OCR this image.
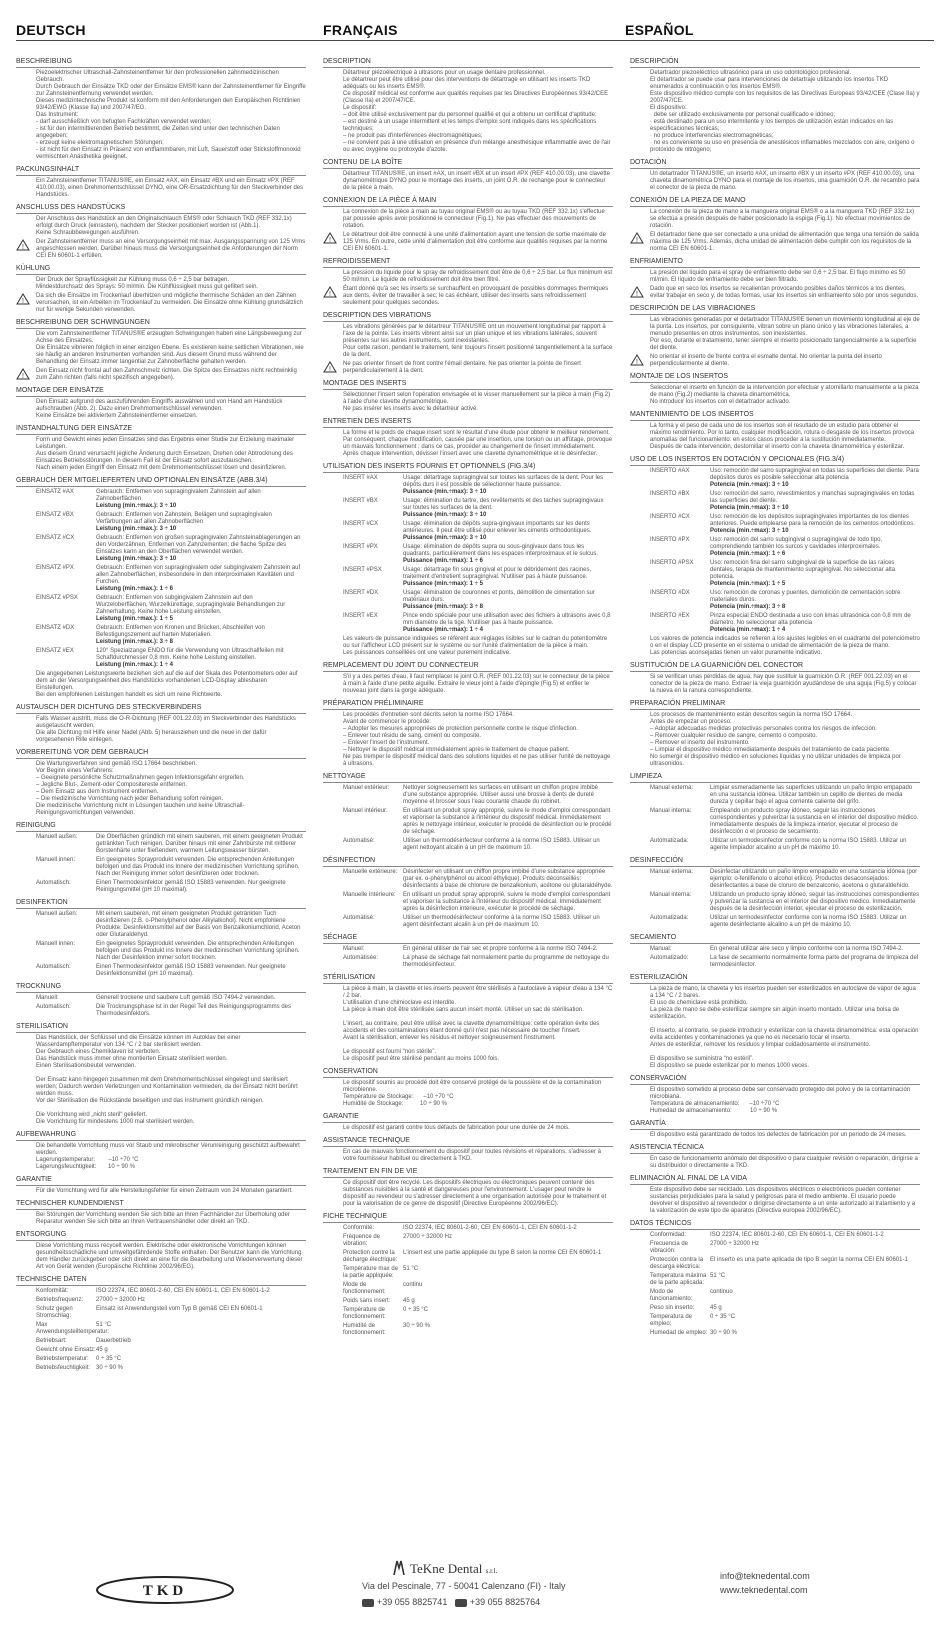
DEUTSCH	FRANÇAIS	ESPAÑOL
BESCHREIBUNG
Piezoelektrischer Ultraschall-Zahnsteinentferner für den professionellen zahnmedizinischen Gebrauch.
Durch Gebrauch der Einsätze TKD oder der Einsätze EMS® kann der Zahnsteinentferner für Eingriffe zur Zahnsteinentfernung verwendet werden.
Dieses medizintechnische Produkt ist konform mit den Anforderungen den Europäischen Richtlinien 93/42/EWG (Klasse IIa) und 2007/47/EG.
Das Instrument:
- darf ausschließlich von befugten Fachkräften verwendet werden;
- ist für den intermittierenden Betrieb bestimmt, die Zeiten sind unter den technischen Daten angegeben;
- erzeugt keine elektromagnetischen Störungen;
- ist nicht für den Einsatz in Präsenz von entflammbaren, mit Luft, Sauerstoff oder Stickstoffmonoxid vermischten Anästhetika geeignet.
PACKUNGSINHALT
Ein Zahnsteinentferner TITANUS®E, ein Einsatz #AX, ein Einsatz #BX und ein Einsatz #PX (REF 410.00.03), einen Drehmomentschlüssel DYNO, eine OR-Ersatzdichtung für den Steckverbinder des Handstücks.
ANSCHLUSS DES HANDSTÜCKS
Der Anschluss des Handstück an den Originalschlauch EMS® oder Schlauch TKD (REF 332.1x) erfolgt durch Druck (einrasten), nachdem der Stecker positioniert worden ist (Abb.1).
Keine Schraubbewegungen ausführen.
!
Der Zahnsteinentferner muss an eine Versorgungseinheit mit max. Ausgangsspannung von 125 Vrms angeschlossen werden. Darüber hinaus muss die Versorgungseinheit die Anforderungen der Norm CEI EN 60601-1 erfüllen.
KÜHLUNG
Der Druck der Sprayflüssigkeit zur Kühlung muss 0,6 ÷ 2,5 bar betragen.
Mindestdurchsatz des Sprays: 50 ml/min. Die Kühlflüssigkeit muss gut gefiltert sein.
!
Da sich die Einsätze im Trockenlauf überhitzen und mögliche thermische Schäden an den Zähnen verursachen, ist ein Arbeiten im Trockenlauf zu vermeiden. Die Einsätze ohne Kühlung grundsätzlich nur für wenige Sekunden verwenden.
BESCHREIBUNG DER SCHWINGUNGEN
Die vom Zahnsteinentferner TITANUS®E erzeugten Schwingungen haben eine Längsbewegung zur Achse des Einsatzes.
Die Einsätze vibrieren folglich in einer einzigen Ebene. Es existieren keine seitlichen Vibrationen, wie sie häufig an anderen Instrumenten vorhanden sind. Aus diesem Grund muss während der Behandlung der Einsatz immer tangential zur Zahnoberfläche gehalten werden.
!
Den Einsatz nicht frontal auf den Zahnschmelz richten. Die Spitze des Einsatzes nicht rechtwinklig zum Zahn richten (falls nicht spezifisch angegeben).
MONTAGE DER EINSÄTZE
Den Einsatz aufgrund des auszuführenden Eingriffs auswählen und von Hand am Handstück aufschrauben (Abb. 2). Dazu einen Drehmomentschlüssel verwenden.
Keine Einsätze bei aktiviertem Zahnsteinentferner einsetzen.
INSTANDHALTUNG DER EINSÄTZE
Form und Gewicht eines jeden Einsatzes sind das Ergebnis einer Studie zur Erzielung maximaler Leistungen.
Aus diesem Grund verursacht jegliche Änderung durch Einsetzen, Drehen oder Abtrocknung des Einsatzes Betriebsstörungen. In diesem Fall ist der Einsatz sofort auszutauschen.
Nach einem jeden Eingriff den Einsatz mit dem Drehmomentschlüssel lösen und desinfizieren.
GEBRAUCH DER MITGELIEFERTEN UND OPTIONALEN EINSÄTZE (ABB.3/4)
EINSATZ #AX	Gebrauch: Entfernen von supragingivalem Zahnstein auf allen Zahnoberflächen
Leistung (min.÷max.): 3 ÷ 10
EINSATZ #BX	Gebrauch: Entfernen von Zahnstein, Belägen und supragingivalen Verfärbungen auf allen Zahnoberflächen
Leistung (min.÷max.): 3 ÷ 10
EINSATZ #CX	Gebrauch: Entfernen von großen supragingivalen Zahnsteinablagerungen an den Vorderzähnen, Entfernen von Zahnzementen; die flache Spitze des Einsatzes kann an den Oberflächen verwendet werden.
Leistung (min.÷max.): 3 ÷ 10
EINSATZ #PX	Gebrauch: Entfernen von supragingivalem oder subgingivalem Zahnstein auf allen Zahnoberflächen, insbesondere in den interproximalen Kavitäten und Furchen.
Leistung (min.÷max.): 1 ÷ 6
EINSATZ #PSX	Gebrauch: Entfernen von subgingivalem Zahnstein auf den Wurzeloberflächen, Wurzelkürettage, supragingivale Behandlungen zur Zahnerhaltung. Keine hohe Leistung einstellen.
Leistung (min.÷max.): 1 ÷ 5
EINSATZ #DX	Gebrauch: Entfernen von Kronen und Brücken, Abschleifen von Befestigungszement auf harten Materialien.
Leistung (min.÷max.): 3 ÷ 8
EINSATZ #EX	120° Spezialzange ENDO für die Verwendung von Ultraschallfeilen mit Schaftdurchmesser 0,8 mm. Keine hohe Leistung einstellen.
Leistung (min.÷max.): 1 ÷ 4
Die angegebenen Leistungswerte beziehen sich auf die auf der Skala des Potentiometers oder auf dem an der Versorgungseinheit des Handstücks vorhandenen LCD-Display ablesbaren Einstellungen.
Bei den empfohlenen Leistungen handelt es sich um reine Richtwerte.
AUSTAUSCH DER DICHTUNG DES STECKVERBINDERS
Falls Wasser austritt, muss die O-R-Dichtung (REF 001.22.03) im Steckverbinder des Handstücks ausgetauscht werden.
Die alte Dichtung mit Hilfe einer Nadel (Abb. 5) herausziehen und die neue in der dafür vorgesehenen Rille einlegen.
VORBEREITUNG VOR DEM GEBRAUCH
Die Wartungsverfahren sind gemäß ISO 17664 beschrieben.
Vor Beginn eines Verfahrens:
– Geeignete persönliche Schutzmaßnahmen gegen Infektionsgefahr ergreifen.
– Jegliche Blut-, Zement-oder Compositereste entfernen.
– Dem Einsatz aus dem Instrument entfernen.
– Die medizinische Vorrichtung nach jeder Behandlung sofort reinigen.
Die medizinische Vorrichtung nicht in Lösungen tauchen und keine Ultraschall-Reinigungsvorrichtungen verwenden.
REINIGUNG
Manuell außen:	Die Oberflächen gründlich mit einem sauberen, mit einem geeigneten Produkt getränkten Tuch reinigen. Darüber hinaus mit einer Zahnbürste mit mittlerer Borstenhärte unter fließendem, warmem Leitungswasser bürsten.
Manuell innen:	Ein geeignetes Sprayprodukt verwenden. Die entsprechenden Anleitungen befolgen und das Produkt ins Innere der medizinischen Vorrichtung sprühen. Nach der Reinigung immer sofort desinfizieren oder trocknen.
Automatisch:	Einen Thermodesinfektor gemäß ISO 15883 verwenden. Nur geeignete Reinigungsmittel (pH 10 maximal).
DESINFEKTION
Manuell außen:	Mit einem sauberen, mit einem geeigneten Produkt getränkten Tuch desinfizieren (z.B. o-Phenylphenol oder Alkylalkohol). Nicht empfohlene Produkte: Desinfektionsmittel auf der Basis von Benzalkoniumchlorid, Aceton oder Glutaraldehyd.
Manuell innen:	Ein geeignetes Sprayprodukt verwenden. Die entsprechenden Anleitungen befolgen und das Produkt ins Innere der medizinischen Vorrichtung sprühen. Nach der Desinfektion immer sofort trocknen.
Automatisch:	Einen Thermodesinfektor gemäß ISO 15883 verwenden. Nur geeignete Desinfektionsmittel (pH 10 maximal).
TROCKNUNG
Manuell:	Generell trockene und saubere Luft gemäß ISO 7494-2 verwenden.
Automatisch:	Die Trocknungsphase ist in der Regel Teil des Reinigungsprogramms des Thermodesinfektors.
STERILISATION
Das Handstück, der Schlüssel und die Einsätze können im Autoklav bei einer Wasserdampftemperatur von 134 °C / 2 bar sterilisiert werden.
Der Gebrauch eines Chemiklaven ist verboten.
Das Handstück muss immer ohne montierten Einsatz sterilisiert werden.
Einen Sterilisationsbeutel verwenden.

Der Einsatz kann hingegen zusammen mit dem Drehmomentschlüssel eingelegt und sterilisiert werden; Dadurch werden Verletzungen und Kontamination vermieden, da der Einsatz nicht berührt werden muss.
Vor der Sterilisation die Rückstände beseitigen und das Instrument gründlich reinigen.

Die Vorrichtung wird „nicht steril“ geliefert.
Die Vorrichtung für mindestens 1000 mal sterilisiert werden.
AUFBEWAHRUNG
Die behandelte Vorrichtung muss vor Staub und mikrobischer Verunreinigung geschützt aufbewahrt werden.
Lagerungstemperatur:        –10 ÷70 °C
Lagerungsfeuchtigkeit:       10 ÷ 90 %
GARANTIE
Für die Vorrichtung wird für alle Herstellungsfehler für einen Zeitraum von 24 Monaten garantiert.
TECHNISCHER KUNDENDIENST
Bei Störungen der Vorrichtung wenden Sie sich bitte an Ihren Fachhändler zur Überholung oder Reparatur wenden Sie sich bitte an Ihren Vertrauenshändler oder direkt an TKD.
ENTSORGUNG
Diese Vorrichtung muss recycelt werden. Elektrische oder elektronische Vorrichtungen können gesundheitsschädliche und umweltgefährdende Stoffe enthalten. Der Benutzer kann die Vorrichtung dem Händler zurückgeben oder sich direkt an eine für die Bearbeitung und Wiederverwertung dieser Art von Gerät wenden (Europäische Richtlinie 2002/96/EG).
TECHNISCHE DATEN
Konformität:	ISO 22374, IEC 80601-2-60, CEI EN 60601-1, CEI EN 60601-1-2
Betriebsfrequenz:	27000 ÷ 32000 Hz
Schutz gegen Stromschlag:
Einsatz ist Anwendungsteil vom Typ B gemäß CEI EN 60601-1
Max Anwendungsteiltemperatur:
51 °C
Betriebsart:	Dauerbetrieb
Gewicht ohne Einsatz: 45 g
Betriebstemperatur:	0 ÷ 35 °C
Betriebsfeuchtigkeit: 30 ÷ 90 %
DESCRIPTION
Détartreur piézoélectrique à ultrasons pour un usage dentaire professionnel.
Le détartreur peut être utilisé pour des interventions de détartrage en utilisant les inserts TKD adéquats ou les inserts EMS®.
Ce dispositif médical est conforme aux qualités requises par les Directives Européennes 93/42/CEE (Classe IIa) et 2007/47/CE.
Le dispositif:
– doit être utilisé exclusivement par du personnel qualifié et qui a obtenu un certificat d'aptitude;
– est destiné à un usage intermittent et les temps d'emploi sont indiqués dans les spécifications techniques;
– ne produit pas d'interférences électromagnétiques;
– ne convient pas à une utilisation en présence d'un mélange anesthésique inflammable avec de l'air ou avec oxygène ou protoxyde d'azote.
CONTENU DE LA BOÎTE
Détartreur TITANUS®E, un insert #AX, un insert #BX et un insert #PX (REF 410.00.03), une clavette dynamométrique DYNO pour le montage des inserts, un joint O.R. de rechange pour le connecteur de la pièce à main.
CONNEXION DE LA PIÈCE À MAIN
La connexion de la pièce à main au tuyau original EMS® ou au tuyau TKD (REF 332.1x) s'effectue par poussée après avoir positionné le connecteur (Fig.1). Ne pas effectuer des mouvements de rotation.
!
Le détartreur doit être connecté à une unité d'alimentation ayant une tension de sortie maximale de 125 Vrms. En outre, cette unité d'alimentation doit être conforme aux qualités requises par la norme CEI EN 60601-1.
REFROIDISSEMENT
La pression du liquide pour le spray de refroidissement doit être de 0,6 ÷ 2,5 bar. Le flux minimum est 50 ml/min. Le liquide de refroidissement doit être bien filtré.
!
Étant donné qu'à sec les inserts se surchauffent en provoquant de possibles dommages thermiques aux dents, éviter de travailler à sec; le cas échéant, utiliser des inserts sans refroidissement seulement pour quelques secondes.
DESCRIPTION DES VIBRATIONS
Les vibrations générées par le détartreur TITANUS®E ont un mouvement longitudinal par rapport à l'axe de la pointe. Les inserts vibrent ainsi sur un plan unique et les vibrations latérales, souvent présentes sur les autres instruments, sont inexistantes.
Pour cette raison, pendant le traitement, tenir toujours l'insert positionné tangentiellement à la surface de la dent.
!
Ne pas orienter l'insert de front contre l'émail dentaire. Ne pas orienter la pointe de l'insert perpendiculairement à la dent.
MONTAGE DES INSERTS
Sélectionner l'insert selon l'opération envisagée et le visser manuellement sur la pièce à main (Fig.2) à l'aide d'une clavette dynamométrique.
Ne pas insérer les inserts avec le détartreur activé.
ENTRETIEN DES INSERTS
La forme et le poids de chaque insert sont le résultat d'une étude pour obtenir le meilleur rendement. Par conséquent, chaque modification, causée par une insertion, une torsion ou un affûtage, provoque un mauvais fonctionnement ; dans ce cas, procéder au changement de l'insert immédiatement.
Après chaque intervention, dévisser l'insert avec une clavette dynamométrique et le désinfecter.
UTILISATION DES INSERTS FOURNIS ET OPTIONNELS (FIG.3/4)
INSERT #AX	Usage: détartrage supragingival sur toutes les surfaces de la dent. Pour les dépôts durs il est possible de sélectionner haute puissance.
Puissance (min.÷max): 3 ÷ 10
INSERT #BX	Usage: élimination du tartre, des revêtements et des taches supragingivaux sur toutes les surfaces de la dent.
Puissance (min.÷max): 3 ÷ 10
INSERT #CX	Usage: élimination de dépôts supra-gingivaux importants sur les dents antérieures. Il peut être utilisé pour enlever les ciments orthodontiques.
Puissance (min.÷max): 3 ÷ 10
INSERT #PX	Usage: élimination de dépôts supra ou sous-gingivaux dans tous les quadrants, particulièrement dans les espaces interproximaux et le sulcus.
Puissance (min.÷max): 1 ÷ 6
INSERT #PSX	Usage: détartrage fin sous gingival et pour le débridement des racines, traitement d'entretient supragingival. N'utiliser pas à haute puissance.
Puissance (min.÷max): 1 ÷ 5
INSERT #DX	Usage: élimination de couronnes et ponts, démolition de cimentation sur matériaux durs.
Puissance (min.÷max): 3 ÷ 8
INSERT #EX	Pince endo spéciale pour une utilisation avec des fichiers à ultrasons avec 0,8 mm diamètre de la tige. N'utiliser pas à haute puissance.
Puissance (min.÷max): 1 ÷ 4
Les valeurs de puissance indiquées se réfèrent aux réglages lisibles sur le cadran du potentiomètre ou sur l'afficheur LCD présent sur le système ou sur l'unité d'alimentation de la pièce à main.
Les puissances conseillées ont une valeur purement indicative.
REMPLACEMENT DU JOINT DU CONNECTEUR
S'il y a des pertes d'eau, il faut remplacer le joint O.R. (REF 001.22.03) sur le connecteur de la pièce à main à l'aide d'une petite aiguille. Extraire le vieux joint à l'aide d'épingle (Fig.5) et enfiler le nouveau joint dans la gorge adéquate.
PRÉPARATION PRÉLIMINAIRE
Les procédés d'entretien sont décrits selon la norme ISO 17664.
Avant de commencer le procédé:
– Adopter les mesures appropriées de protection personnelle contre le risque d'infection.
– Enlever tout résidu de sang, ciment ou composite.
– Enlever l'insert de l'instrument.
– Nettoyer le dispositif médical immédiatement après le traitement de chaque patient.
Ne pas tremper le dispositif médical dans des solutions liquides et ne pas utiliser l'unité de nettoyage à ultrasons.
NETTOYAGE
Manuel extérieur:	Nettoyer soigneusement les surfaces en utilisant un chiffon propre imbibé d'une substance appropriée. Utiliser aussi une brosse à dents de dureté moyenne et brosser sous l'eau courante chaude du robinet.
Manuel intérieur:	En utilisant un produit spray approprié, suivre le mode d'emploi correspondant et vaporiser la substance à l'intérieur du dispositif médical. Immédiatement après le nettoyage intérieur, exécuter le procédé de désinfection ou le procédé de séchage.
Automatisé:	Utiliser un thermodésinfecteur conforme à la norme ISO 15883. Utiliser un agent nettoyant alcalin à un pH de maximum 10.
DÉSINFECTION
Manuelle extérieure: Désinfecter en utilisant un chiffon propre imbibé d'une substance appropriée (par ex. o-phénylphénol ou alcool éthylique). Produits déconseillés: désinfectants à base de chlorure de benzalkonium, acétone ou glutaraldéhyde.
Manuelle intérieure:	En utilisant un produit spray approprié, suivre le mode d'emploi correspondant et vaporiser la substance à l'intérieur du dispositif médical. Immédiatement après la désinfection intérieure, exécuter le procédé de séchage.
Automatisé:	Utiliser un thermodésinfecteur conforme à la norme ISO 15883. Utiliser un agent désinfectant alcalin à un pH de maximum 10.
SÉCHAGE
Manuel:	En général utiliser de l'air sec et propre conforme à la norme ISO 7494-2.
Automatisée:	La phase de séchage fait normalement partie du programme de nettoyage du thermodésinfecteur.
STÉRILISATION
La pièce à main, la clavette et les inserts peuvent être stérilisés à l'autoclave à vapeur d'eau à 134 °C / 2 bar.
L'utilisation d'une chimioclave est interdite.
La pièce à main doit être stérilisée sans aucun insert monté. Utiliser un sac de stérilisation.

L'insert, au contraire, peut être utilisé avec la clavette dynamométrique: cette opération évite des accidents et des contaminations étant donné qu'il n'est pas nécessaire de toucher l'insert.
Avant la stérilisation, enlever les résidus et nettoyer soigneusement l'instrument.

Le dispositif est fourni “non stérile”.
Le dispositif peut être stérilisé pendant au moins 1000 fois.
CONSERVATION
Le dispositif soumis au procédé doit être conservé protégé de la poussière et de la contamination microbienne.
Température de Stockage:      –10 ÷70 °C
Humidité de Stockage:          10 ÷ 90 %
GARANTIE
Le dispositif est garanti contre tous défauts de fabrication pour une durée de 24 mois.
ASSISTANCE TECHNIQUE
En cas de mauvais fonctionnement du dispositif pour toutes révisions et réparations, s'adresser à votre fournisseur habituel ou directement à TKD.
TRAITEMENT EN FIN DE VIE
Ce dispositif doit être recyclé. Les dispositifs électriques ou électroniques peuvent contenir des substances nuisibles à la santé et dangereuses pour l'environnement. L'usager peut rendre le dispositif au revendeur ou s'adresser directement à une organisation autorisée pour le traitement et pour la valorisation de ce genre de dispositif (Directive Européenne 2002/96/EC).
FICHE TECHNIQUE
Conformité:	ISO 22374, IEC 80601-2-60, CEI EN 60601-1, CEI EN 60601-1-2
Fréquence de vibration:
27000 ÷ 32000 Hz
Protection contre la décharge électrique:
L'insert est une partie appliquée du type B selon la norme CEI EN 60601-1
Température max de la partie appliquée:
51 °C
Mode de fonctionnement:
continu
Poids sans insert:	45 g
Température de fonctionnement:
0 ÷ 35 °C
Humidité de fonctionnement:
30 ÷ 90 %
DESCRIPCIÓN
Detartrador piezoeléctrico ultrasónico para un uso odontológico profesional.
El detartrador se puede usar para intervenciones de detartraje utilizando los insertos TKD enumerados a continuación o los insertos EMS®.
Este dispositivo médico cumple con los requisitos de las Directivas Europeas 93/42/CEE (Clase IIa) y 2007/47/CE.
El dispositivo:
· debe ser utilizado exclusivamente por personal cualificado e idóneo;
· está destinado para un uso intermitente y los tiempos de utilización están indicados en las especificaciones técnicas;
· no produce interferencias electromagnéticas;
· no es conveniente su uso en presencia de anestésicos inflamables mezclados con aire, oxígeno o protóxido de nitrógeno;
DOTACIÓN
Un detartrador TITANUS®E, un inserto #AX, un inserto #BX y un inserto #PX (REF 410.00.03), una chaveta dinamométrica DYNO para el montaje de los insertos, una guarnición O.R. de recambio para el conector de la pieza de mano.
CONEXIÓN DE LA PIEZA DE MANO
La conexión de la pieza de mano a la manguera original EMS® o a la manguera TKD (REF 332.1x) se efectúa a presión después de haber posicionado la espiga (Fig.1). No efectuar movimientos de rotación.
!
El detartrador tiene que ser conectado a una unidad de alimentación que tenga una tensión de salida máxima de 125 Vrms. Además, dicha unidad de alimentación debe cumplir con los requisitos de la norma CEI EN 60601-1.
ENFRIAMIENTO
La presión del líquido para el spray de enfriamiento debe ser 0,6 ÷ 2,5 bar. El flujo mínimo es 50 ml/min. El líquido de enfriamiento debe ser bien filtrado.
!
Dado que en seco los insertos se recalientan provocando posibles daños térmicos a los dientes, evitar trabajar en seco y, de todas formas, usar los insertos sin enfriamiento sólo por unos segundos.
DESCRIPCIÓN DE LAS VIBRACIONES
Las vibraciones generadas por el detartrador TITANUS®E tienen un movimiento longitudinal al eje de la punta. Los insertos, por consiguiente, vibran sobre un plano único y las vibraciones laterales, a menudo presentes en otros instrumentos, son inexistentes.
Por eso, durante el tratamiento, tener siempre el inserto posicionado tangencialmente a la superficie del diente.
!
No orientar el inserto de frente contra el esmalte dental. No orientar la punta del inserto perpendicularmente al diente.
MONTAJE DE LOS INSERTOS
Seleccionar el inserto en función de la intervención por efectuar y atornillarlo manualmente a la pieza de mano (Fig.2) mediante la chaveta dinamométrica.
No introducir los insertos con el detartrador activado.
MANTENIMIENTO DE LOS INSERTOS
La forma y el peso de cada uno de los insertos son el resultado de un estudio para obtener el máximo rendimiento. Por lo tanto, cualquier modificación, rotura o desgaste de los insertos provoca anomalías del funcionamiento: en estos casos proceder a la sustitución inmediatamente.
Después de cada intervención, destornillar el inserto con la chaveta dinamométrica y esterilizar.
USO DE LOS INSERTOS EN DOTACIÓN Y OPCIONALES (FIG.3/4)
INSERTO #AX	Uso: remoción del sarro supragingival en todas las superficies del diente. Para depósitos duros es posible seleccionar alta potencia
Potencia (min.÷max): 3 ÷ 10
INSERTO #BX	Uso: remoción del sarro, revestimientos y manchas supragingivales en todas las superficies del diente.
Potencia (min.÷max): 3 ÷ 10
INSERTO #CX	Uso: remoción de los depósitos supragingivales importantes de los dientes anteriores. Puede emplearse para la remoción de los cementos ortodónticos.
Potencia (min.÷max): 3 ÷ 10
INSERTO #PX	Uso: remoción del sarro subgingival o supragingival de todo tipo, comprendiendo también los surcos y cavidades interproximales.
Potencia (min.÷max): 1 ÷ 6
INSERTO #PSX	Uso: remoción fina del sarro subgingival de la superficie de las raíces dentales, terapia de mantenimiento supragingival. No seleccionar alta potencia.
Potencia (min.÷max): 1 ÷ 5
INSERTO #DX	Uso: remoción de coronas y puentes, demolición de cementación sobre materiales duros.
Potencia (min.÷max): 3 ÷ 8
INSERTO #EX	Pinza especial ENDO destinada a uso con limas ultrasónica con 0,8 mm de diámetro. No seleccionar alta potencia
Potencia (min.÷max): 1 ÷ 4
Los valores de potencia indicados se refieren a los ajustes legibles en el cuadrante del potenciómetro o en el display LCD presente en el sistema o unidad de alimentación de la pieza de mano.
Las potencias aconsejadas tienen un valor puramente indicativo.
SUSTITUCIÓN DE LA GUARNICIÓN DEL CONECTOR
Si se verifican unas pérdidas de agua, hay que sustituir la guarnición O.R. (REF 001.22.03) en el conector de la pieza de mano. Extraer la vieja guarnición ayudándose de una aguja (Fig.5) y colocar la nueva en la ranura correspondiente.
PREPARACIÓN PRELIMINAR
Los procesos de mantenimiento están descritos según la norma ISO 17664.
Antes de empezar un proceso:
– Adoptar adecuadas medidas protectivas personales contra los riesgos de infección.
– Remover cualquier residuo de sangre, cemento o composito.
– Remover el inserto del instrumento.
– Limpiar el dispositivo médico inmediatamente después del tratamiento de cada paciente.
No sumergir el dispositivo médico en soluciones líquidas y no utilizar unidades de limpieza por ultrasonidos.
LIMPIEZA
Manual externa:	Limpiar esmeradamente las superficies utilizando un paño limpio empapado en una sustancia idónea. Utilizar también un cepillo de dientes de media dureza y cepillar bajo el agua corriente caliente del grifo.
Manual interna:	Empleando un producto spray idóneo, seguir las instrucciones correspondientes y pulverizar la sustancia en el interior del dispositivo médico. Inmediatamente después de la limpieza interior, ejecutar el proceso de desinfección o el proceso de secamiento.
Automatizada:	Utilizar un termodesinfector conforme con la norma ISO 15883. Utilizar un agente limpiador alcalino a un pH de máximo 10.
DESINFECCIÓN
Manual externa:	Desinfectar utilizando un paño limpio empapado en una sustancia idónea (por ejemplo: o-fenilfenolo o alcohol etílico). Productos desaconsejados: desinfectantes a base de cloruro de benzalconio, acetona o glutaraldehído.
Manual interna:	Utilizando un producto spray idóneo, seguir las instrucciones correspondientes y pulverizar la sustancia en el interior del dispositivo médico. Inmediatamente después de la desinfección interior, ejecutar el proceso de esterilización.
Automatizada:	Utilizar un termodesinfector conforme con la norma ISO 15883. Utilizar un agente desinfectante alcalino a un pH de máximo 10.
SECAMIENTO
Manual:	En general utilizar aire seco y limpio conforme con la norma ISO 7494-2.
Automatizado:	La fase de secamiento normalmente forma parte del programa de limpieza del termodesinfector.
ESTERILIZACIÓN
La pieza de mano, la chaveta y los insertos pueden ser esterilizados en autoclave de vapor de agua a 134 °C / 2 bares.
El uso de chemiclave está prohibido.
La pieza de mano se debe esterilizar siempre sin algún inserto montado. Utilizar una bolsa de esterilización.

El inserto, al contrario, se puede introducir y esterilizar con la chaveta dinamométrica: esta operación evita accidentes y contaminaciones ya que no es necesario tocar el inserto.
Antes de esterilizar, remover los residuos y limpiar cuidadosamente el instrumento.

El dispositivo se suministra “no estéril”.
El dispositivo se puede esterilizar por lo menos 1000 veces.
CONSERVACIÓN
El dispositivo sometido al proceso debe ser conservado protegido del polvo y de la contaminación microbiana.
Temperatura de almacenamiento:      –10 ÷70 °C
Humedad de almacenamiento:           10 ÷ 90 %
GARANTÍA
El dispositivo está garantizado de todos los defectos de fabricación por un periodo de 24 meses.
ASISTENCIA TÉCNICA
En caso de funcionamiento anómalo del dispositivo o para cualquier revisión o reparación, dirigirse a su distribuidor o directamente a TKD.
ELIMINACIÓN AL FINAL DE LA VIDA
Este dispositivo debe ser reciclado. Los dispositivos eléctricos o electrónicos pueden contener sustancias perjudiciales para la salud y peligrosas para el medio ambiente. El usuario puede devolver el dispositivo al revendedor o dirigirse directamente a un ente autorizado al tratamiento y a la valorización de este tipo de aparatos (Directiva europea 2002/96/EC).
DATOS TÉCNICOS
Conformidad:	ISO 22374, IEC 80601-2-60, CEI EN 60601-1, CEI EN 60601-1-2
Frecuencia de vibración:
27000 ÷ 32000 Hz
Protección contra la descarga eléctrica:
El inserto es una parte aplicada de tipo B según la norma CEI EN 60601-1
Temperatura máxima de la parte aplicada:
51 °C
Modo de funcionamiento:
continuo
Peso sin inserto:	45 g
Temperatura de empleo:
0 ÷ 35 °C
Humedad de empleo: 30 ÷ 90 %
TKD
TeKne Dental s.r.l.
Via del Pescinale, 77 - 50041 Calenzano (FI) - Italy
+39 055 8825741	+39 055 8825764
info@teknedental.com
www.teknedental.com
